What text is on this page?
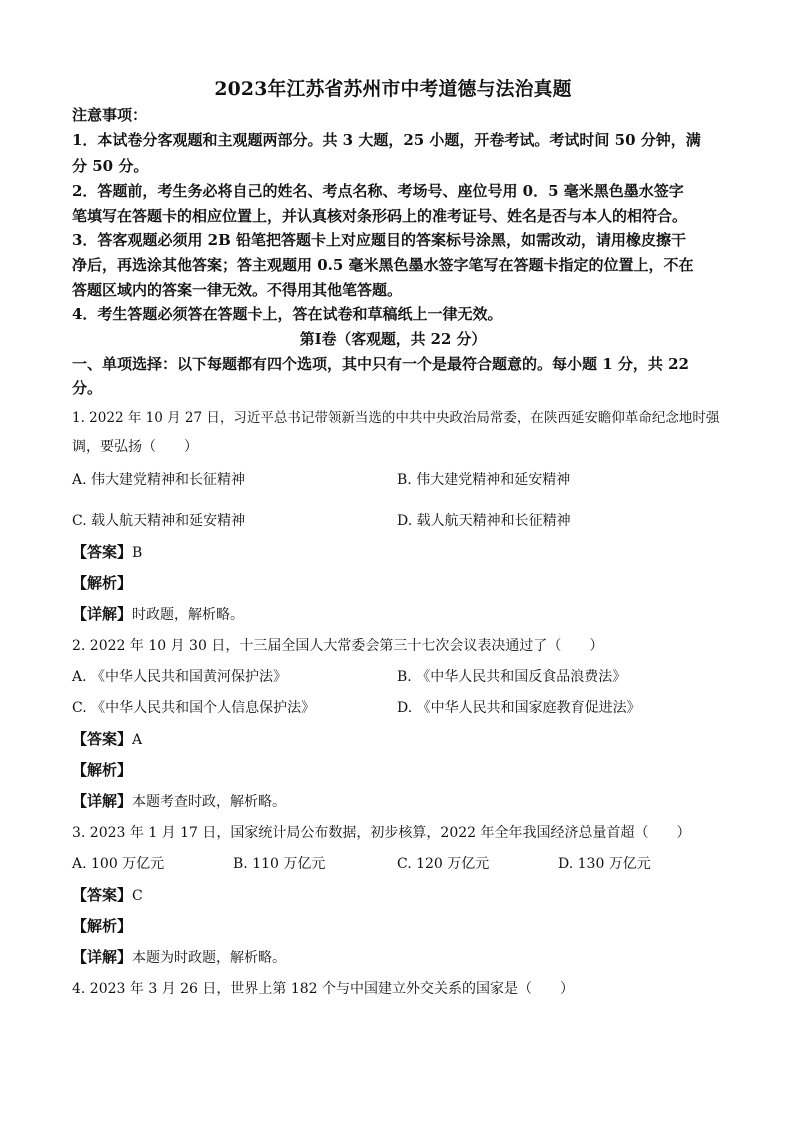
2023年江苏省苏州市中考道德与法治真题
注意事项：
1．本试卷分客观题和主观题两部分。共 3 大题，25 小题，开卷考试。考试时间 50 分钟，满
分 50 分。
2．答题前，考生务必将自己的姓名、考点名称、考场号、座位号用 0．5 毫米黑色墨水签字
笔填写在答题卡的相应位置上，并认真核对条形码上的准考证号、姓名是否与本人的相符合。
3．答客观题必须用 2B 铅笔把答题卡上对应题目的答案标号涂黑，如需改动，请用橡皮擦干
净后，再选涂其他答案；答主观题用 0.5 毫米黑色墨水签字笔写在答题卡指定的位置上，不在
答题区域内的答案一律无效。不得用其他笔答题。
4．考生答题必须答在答题卡上，答在试卷和草稿纸上一律无效。
第Ⅰ卷（客观题，共 22 分）
一、单项选择：以下每题都有四个选项，其中只有一个是最符合题意的。每小题 1 分，共 22
分。
1. 2022 年 10 月 27 日，习近平总书记带领新当选的中共中央政治局常委，在陕西延安瞻仰革命纪念地时强
调，要弘扬（　　）
A. 伟大建党精神和长征精神	B. 伟大建党精神和延安精神
C. 载人航天精神和延安精神	D. 载人航天精神和长征精神
【答案】B
【解析】
【详解】时政题，解析略。
2. 2022 年 10 月 30 日，十三届全国人大常委会第三十七次会议表决通过了（　　）
A. 《中华人民共和国黄河保护法》	B. 《中华人民共和国反食品浪费法》
C. 《中华人民共和国个人信息保护法》	D. 《中华人民共和国家庭教育促进法》
【答案】A
【解析】
【详解】本题考查时政，解析略。
3. 2023 年 1 月 17 日，国家统计局公布数据，初步核算，2022 年全年我国经济总量首超（　　）
A. 100 万亿元	B. 110 万亿元	C. 120 万亿元	D. 130 万亿元
【答案】C
【解析】
【详解】本题为时政题，解析略。
4. 2023 年 3 月 26 日，世界上第 182 个与中国建立外交关系的国家是（　　）
